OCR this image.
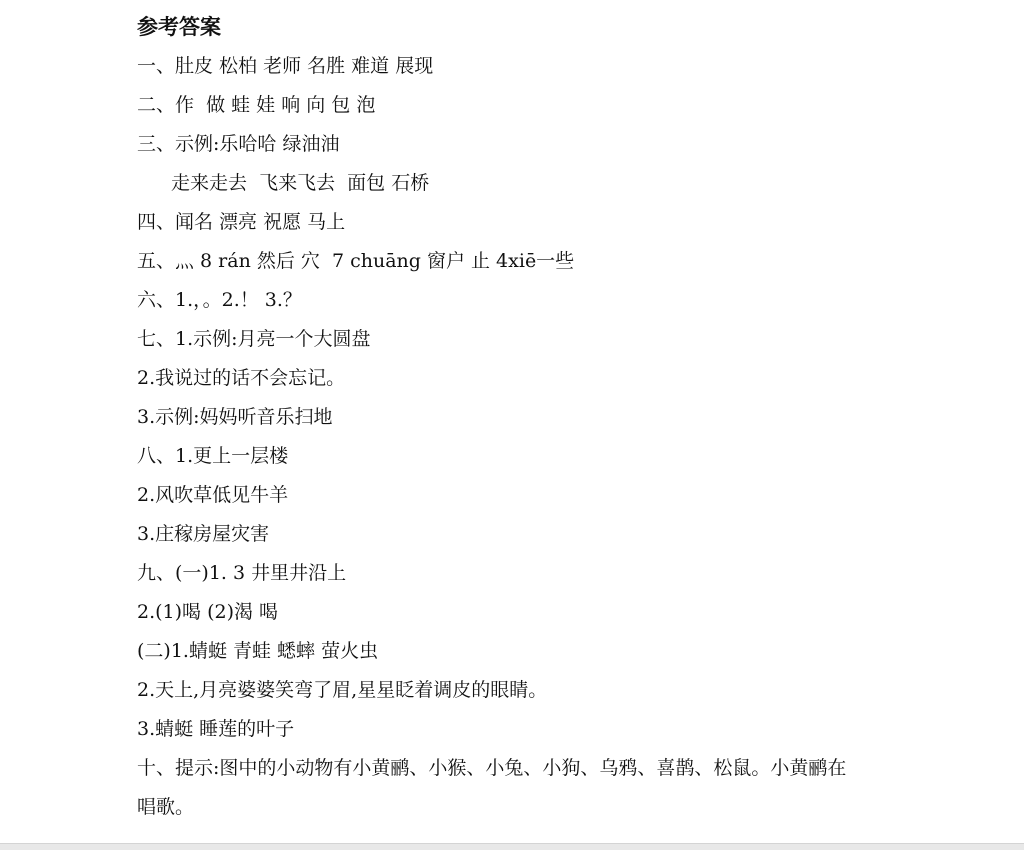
参考答案
一、肚皮 松柏 老师 名胜 难道 展现
二、作  做 蛙 娃 响 向 包 泡
三、示例:乐哈哈 绿油油
走来走去  飞来飞去  面包 石桥
四、闻名 漂亮 祝愿 马上
五、灬 8 rán 然后 穴  7 chuāng 窗户 止 4xiē一些
六、1.，。2.！ 3.？
七、1.示例:月亮一个大圆盘
2.我说过的话不会忘记。
3.示例:妈妈听音乐扫地
八、1.更上一层楼
2.风吹草低见牛羊
3.庄稼房屋灾害
九、(一)1. 3 井里井沿上
2.(1)喝 (2)渴 喝
(二)1.蜻蜓 青蛙 蟋蟀 萤火虫
2.天上,月亮婆婆笑弯了眉,星星眨着调皮的眼睛。
3.蜻蜓 睡莲的叶子
十、提示:图中的小动物有小黄鹂、小猴、小兔、小狗、乌鸦、喜鹊、松鼠。小黄鹂在
唱歌。
